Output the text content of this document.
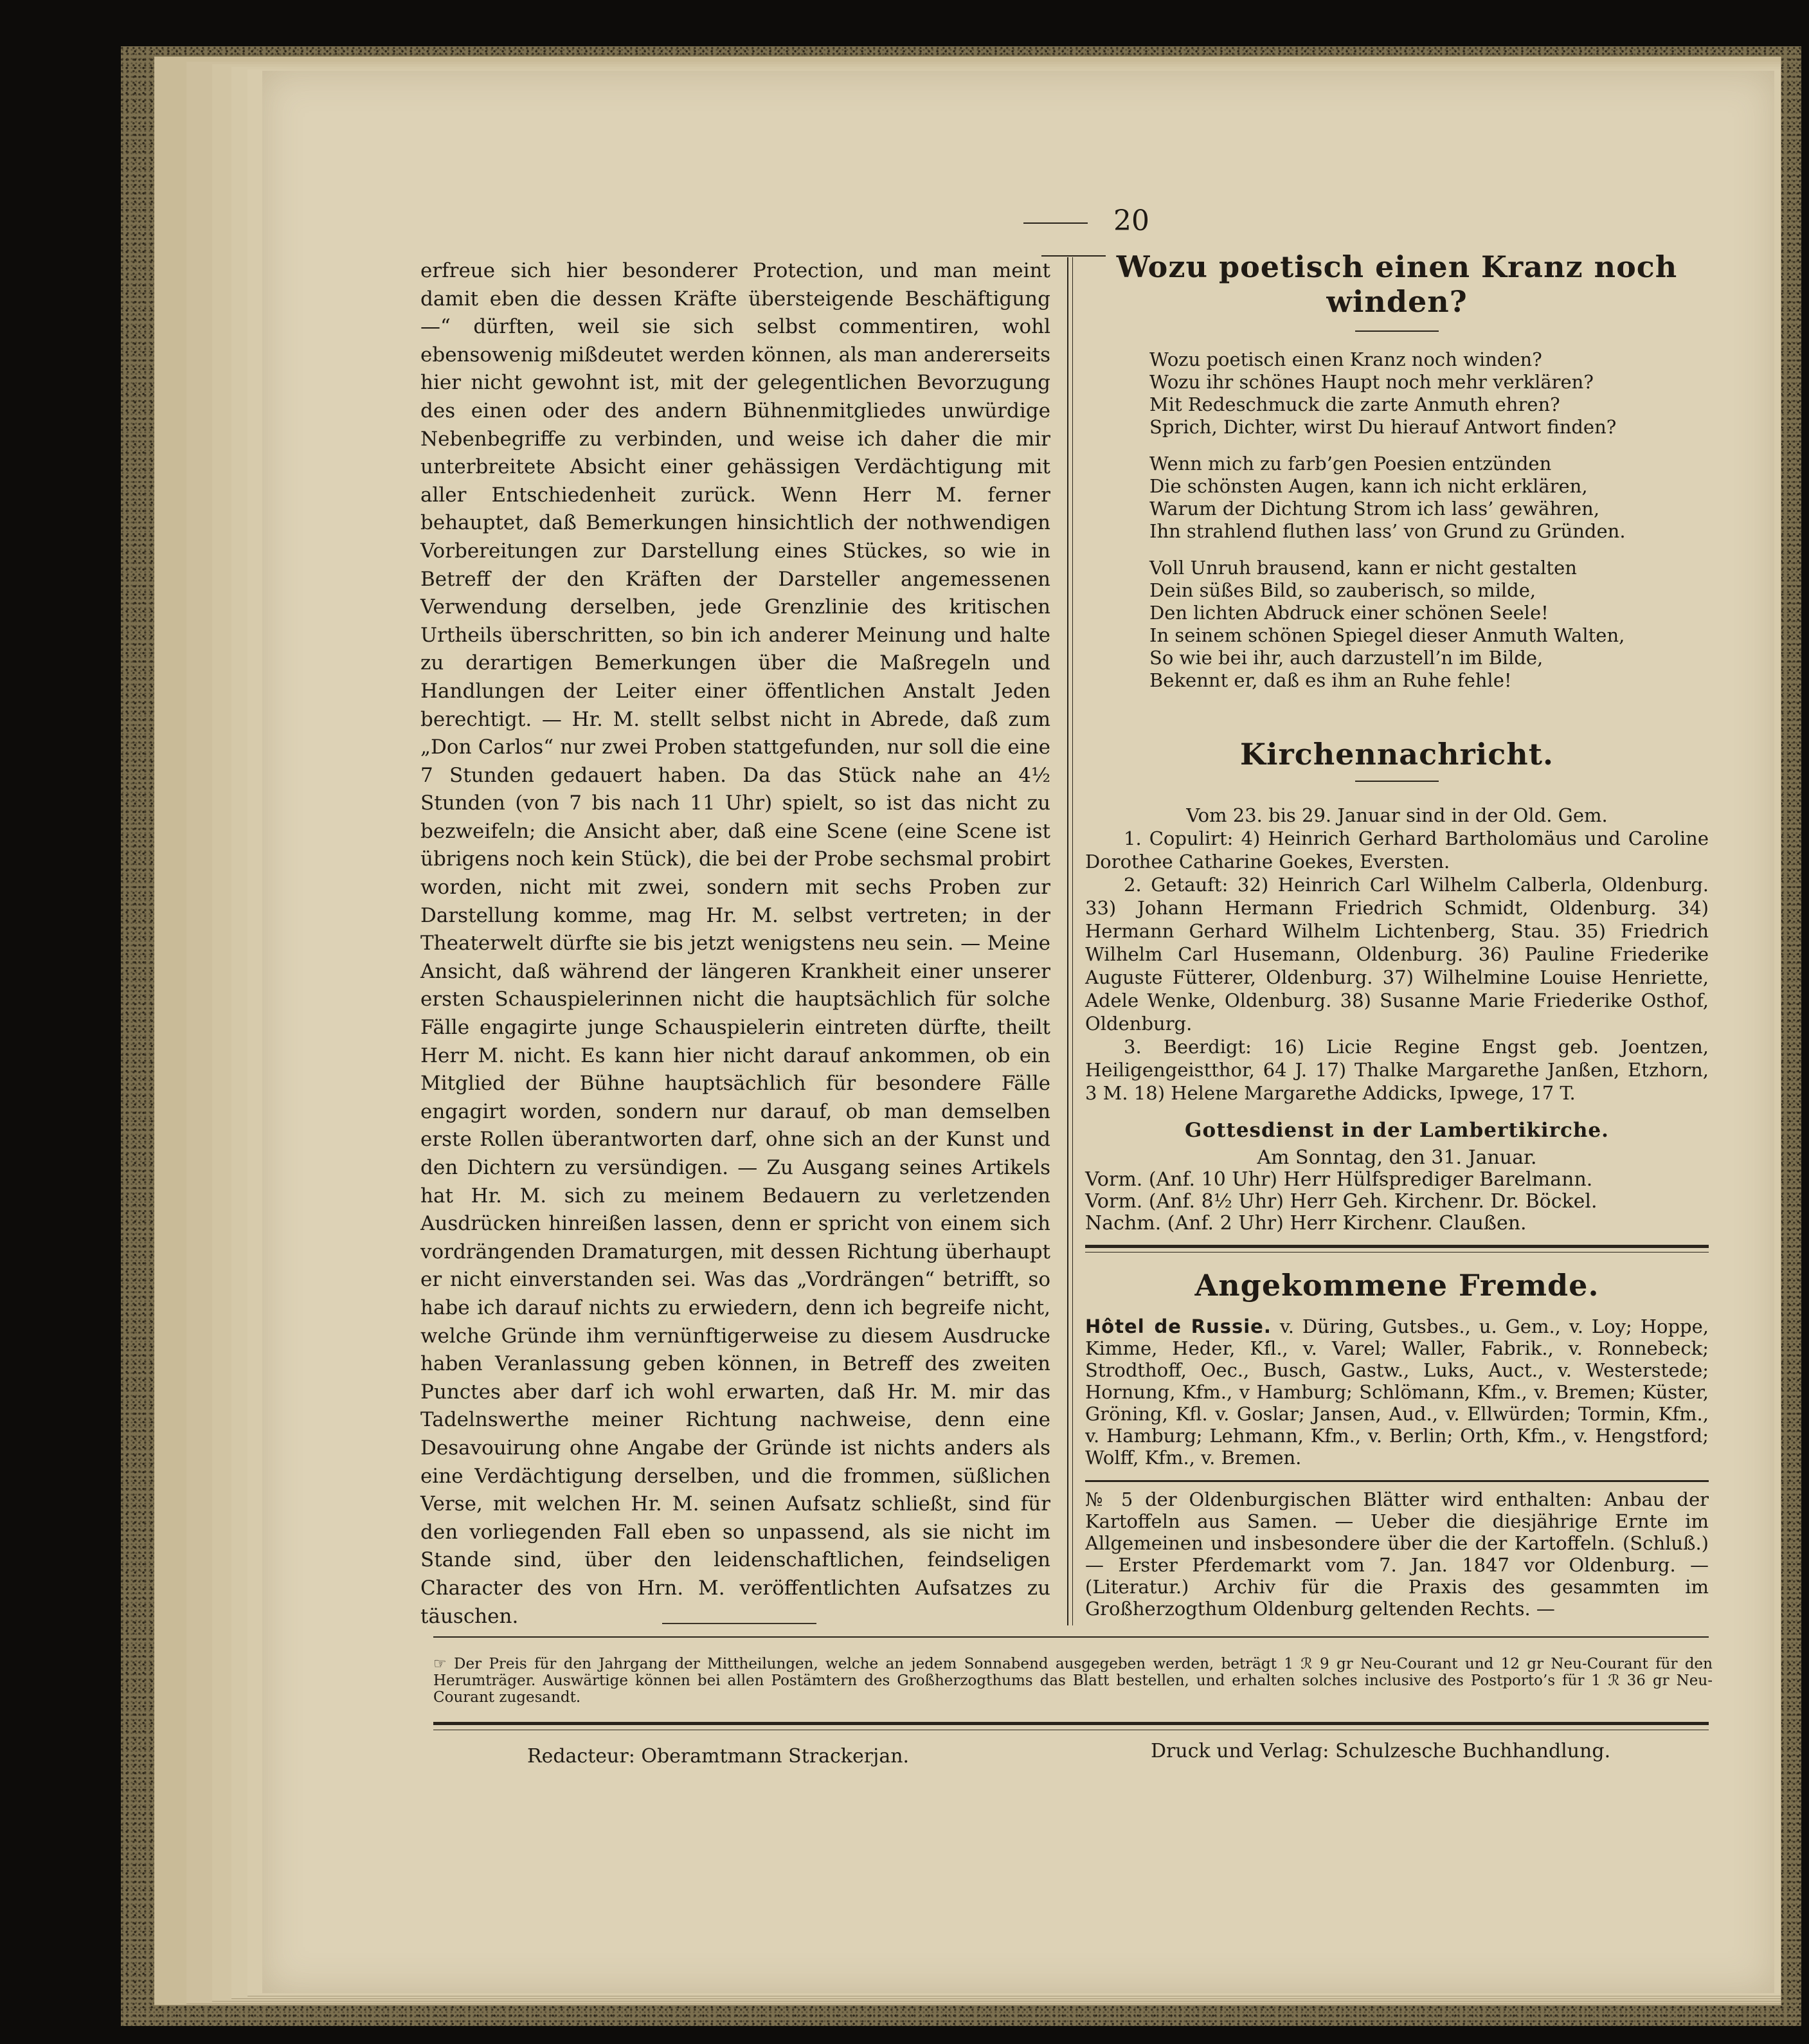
20

erfreue sich hier besonderer Protection, und man meint damit eben die dessen Kräfte übersteigende Beschäftigung —“ dürften, weil sie sich selbst commentiren, wohl ebensowenig mißdeutet werden können, als man andererseits hier nicht gewohnt ist, mit der gelegentlichen Bevorzugung des einen oder des andern Bühnenmitgliedes unwürdige Nebenbegriffe zu verbinden, und weise ich daher die mir unterbreitete Absicht einer gehässigen Verdächtigung mit aller Entschiedenheit zurück. Wenn Herr M. ferner behauptet, daß Bemerkungen hinsichtlich der nothwendigen Vorbereitungen zur Darstellung eines Stückes, so wie in Betreff der den Kräften der Darsteller angemessenen Verwendung derselben, jede Grenzlinie des kritischen Urtheils überschritten, so bin ich anderer Meinung und halte zu derartigen Bemerkungen über die Maßregeln und Handlungen der Leiter einer öffentlichen Anstalt Jeden berechtigt. — Hr. M. stellt selbst nicht in Abrede, daß zum „Don Carlos“ nur zwei Proben stattgefunden, nur soll die eine 7 Stunden gedauert haben. Da das Stück nahe an 4½ Stunden (von 7 bis nach 11 Uhr) spielt, so ist das nicht zu bezweifeln; die Ansicht aber, daß eine Scene (eine Scene ist übrigens noch kein Stück), die bei der Probe sechsmal probirt worden, nicht mit zwei, sondern mit sechs Proben zur Darstellung komme, mag Hr. M. selbst vertreten; in der Theaterwelt dürfte sie bis jetzt wenigstens neu sein. — Meine Ansicht, daß während der längeren Krankheit einer unserer ersten Schauspielerinnen nicht die hauptsächlich für solche Fälle engagirte junge Schauspielerin eintreten dürfte, theilt Herr M. nicht. Es kann hier nicht darauf ankommen, ob ein Mitglied der Bühne hauptsächlich für besondere Fälle engagirt worden, sondern nur darauf, ob man demselben erste Rollen überantworten darf, ohne sich an der Kunst und den Dichtern zu versündigen. — Zu Ausgang seines Artikels hat Hr. M. sich zu meinem Bedauern zu verletzenden Ausdrücken hinreißen lassen, denn er spricht von einem sich vordrängenden Dramaturgen, mit dessen Richtung überhaupt er nicht einverstanden sei. Was das „Vordrängen“ betrifft, so habe ich darauf nichts zu erwiedern, denn ich begreife nicht, welche Gründe ihm vernünftigerweise zu diesem Ausdrucke haben Veranlassung geben können, in Betreff des zweiten Punctes aber darf ich wohl erwarten, daß Hr. M. mir das Tadelnswerthe meiner Richtung nachweise, denn eine Desavouirung ohne Angabe der Gründe ist nichts anders als eine Verdächtigung derselben, und die frommen, süßlichen Verse, mit welchen Hr. M. seinen Aufsatz schließt, sind für den vorliegenden Fall eben so unpassend, als sie nicht im Stande sind, über den leidenschaftlichen, feindseligen Character des von Hrn. M. veröffentlichten Aufsatzes zu täuschen.

Wozu poetisch einen Kranz noch winden?
Wozu poetisch einen Kranz noch winden?
Wozu ihr schönes Haupt noch mehr verklären?
Mit Redeschmuck die zarte Anmuth ehren?
Sprich, Dichter, wirst Du hierauf Antwort finden?
Wenn mich zu farb’gen Poesien entzünden
Die schönsten Augen, kann ich nicht erklären,
Warum der Dichtung Strom ich lass’ gewähren,
Ihn strahlend fluthen lass’ von Grund zu Gründen.
Voll Unruh brausend, kann er nicht gestalten
Dein süßes Bild, so zauberisch, so milde,
Den lichten Abdruck einer schönen Seele!
In seinem schönen Spiegel dieser Anmuth Walten,
So wie bei ihr, auch darzustell’n im Bilde,
Bekennt er, daß es ihm an Ruhe fehle!
Kirchennachricht.

Vom 23. bis 29. Januar sind in der Old. Gem.

1. Copulirt: 4) Heinrich Gerhard Bartholomäus und Caroline Dorothee Catharine Goekes, Eversten.

2. Getauft: 32) Heinrich Carl Wilhelm Calberla, Oldenburg. 33) Johann Hermann Friedrich Schmidt, Oldenburg. 34) Hermann Gerhard Wilhelm Lichtenberg, Stau. 35) Friedrich Wilhelm Carl Husemann, Oldenburg. 36) Pauline Friederike Auguste Fütterer, Oldenburg. 37) Wilhelmine Louise Henriette, Adele Wenke, Oldenburg. 38) Susanne Marie Friederike Osthof, Oldenburg.

3. Beerdigt: 16) Licie Regine Engst geb. Joentzen, Heiligengeistthor, 64 J. 17) Thalke Margarethe Janßen, Etzhorn, 3 M. 18) Helene Margarethe Addicks, Ipwege, 17 T.

Gottesdienst in der Lambertikirche.
Am Sonntag, den 31. Januar.
Vorm. (Anf. 10 Uhr) Herr Hülfsprediger Barelmann.
Vorm. (Anf. 8½ Uhr) Herr Geh. Kirchenr. Dr. Böckel.
Nachm. (Anf. 2 Uhr) Herr Kirchenr. Claußen.
Angekommene Fremde.
Hôtel de Russie. v. Düring, Gutsbes., u. Gem., v. Loy; Hoppe, Kimme, Heder, Kfl., v. Varel; Waller, Fabrik., v. Ronnebeck; Strodthoff, Oec., Busch, Gastw., Luks, Auct., v. Westerstede; Hornung, Kfm., v Hamburg; Schlömann, Kfm., v. Bremen; Küster, Gröning, Kfl. v. Goslar; Jansen, Aud., v. Ellwürden; Tormin, Kfm., v. Hamburg; Lehmann, Kfm., v. Berlin; Orth, Kfm., v. Hengstford; Wolff, Kfm., v. Bremen.
№ 5 der Oldenburgischen Blätter wird enthalten: Anbau der Kartoffeln aus Samen. — Ueber die diesjährige Ernte im Allgemeinen und insbesondere über die der Kartoffeln. (Schluß.) — Erster Pferdemarkt vom 7. Jan. 1847 vor Oldenburg. — (Literatur.) Archiv für die Praxis des gesammten im Großherzogthum Oldenburg geltenden Rechts. —
☞ Der Preis für den Jahrgang der Mittheilungen, welche an jedem Sonnabend ausgegeben werden, beträgt 1 ℛ 9 gr Neu-Courant und 12 gr Neu-Courant für den Herumträger. Auswärtige können bei allen Postämtern des Großherzogthums das Blatt bestellen, und erhalten solches inclusive des Postporto’s für 1 ℛ 36 gr Neu-Courant zugesandt.
Redacteur: Oberamtmann Strackerjan.	Druck und Verlag: Schulzesche Buchhandlung.
